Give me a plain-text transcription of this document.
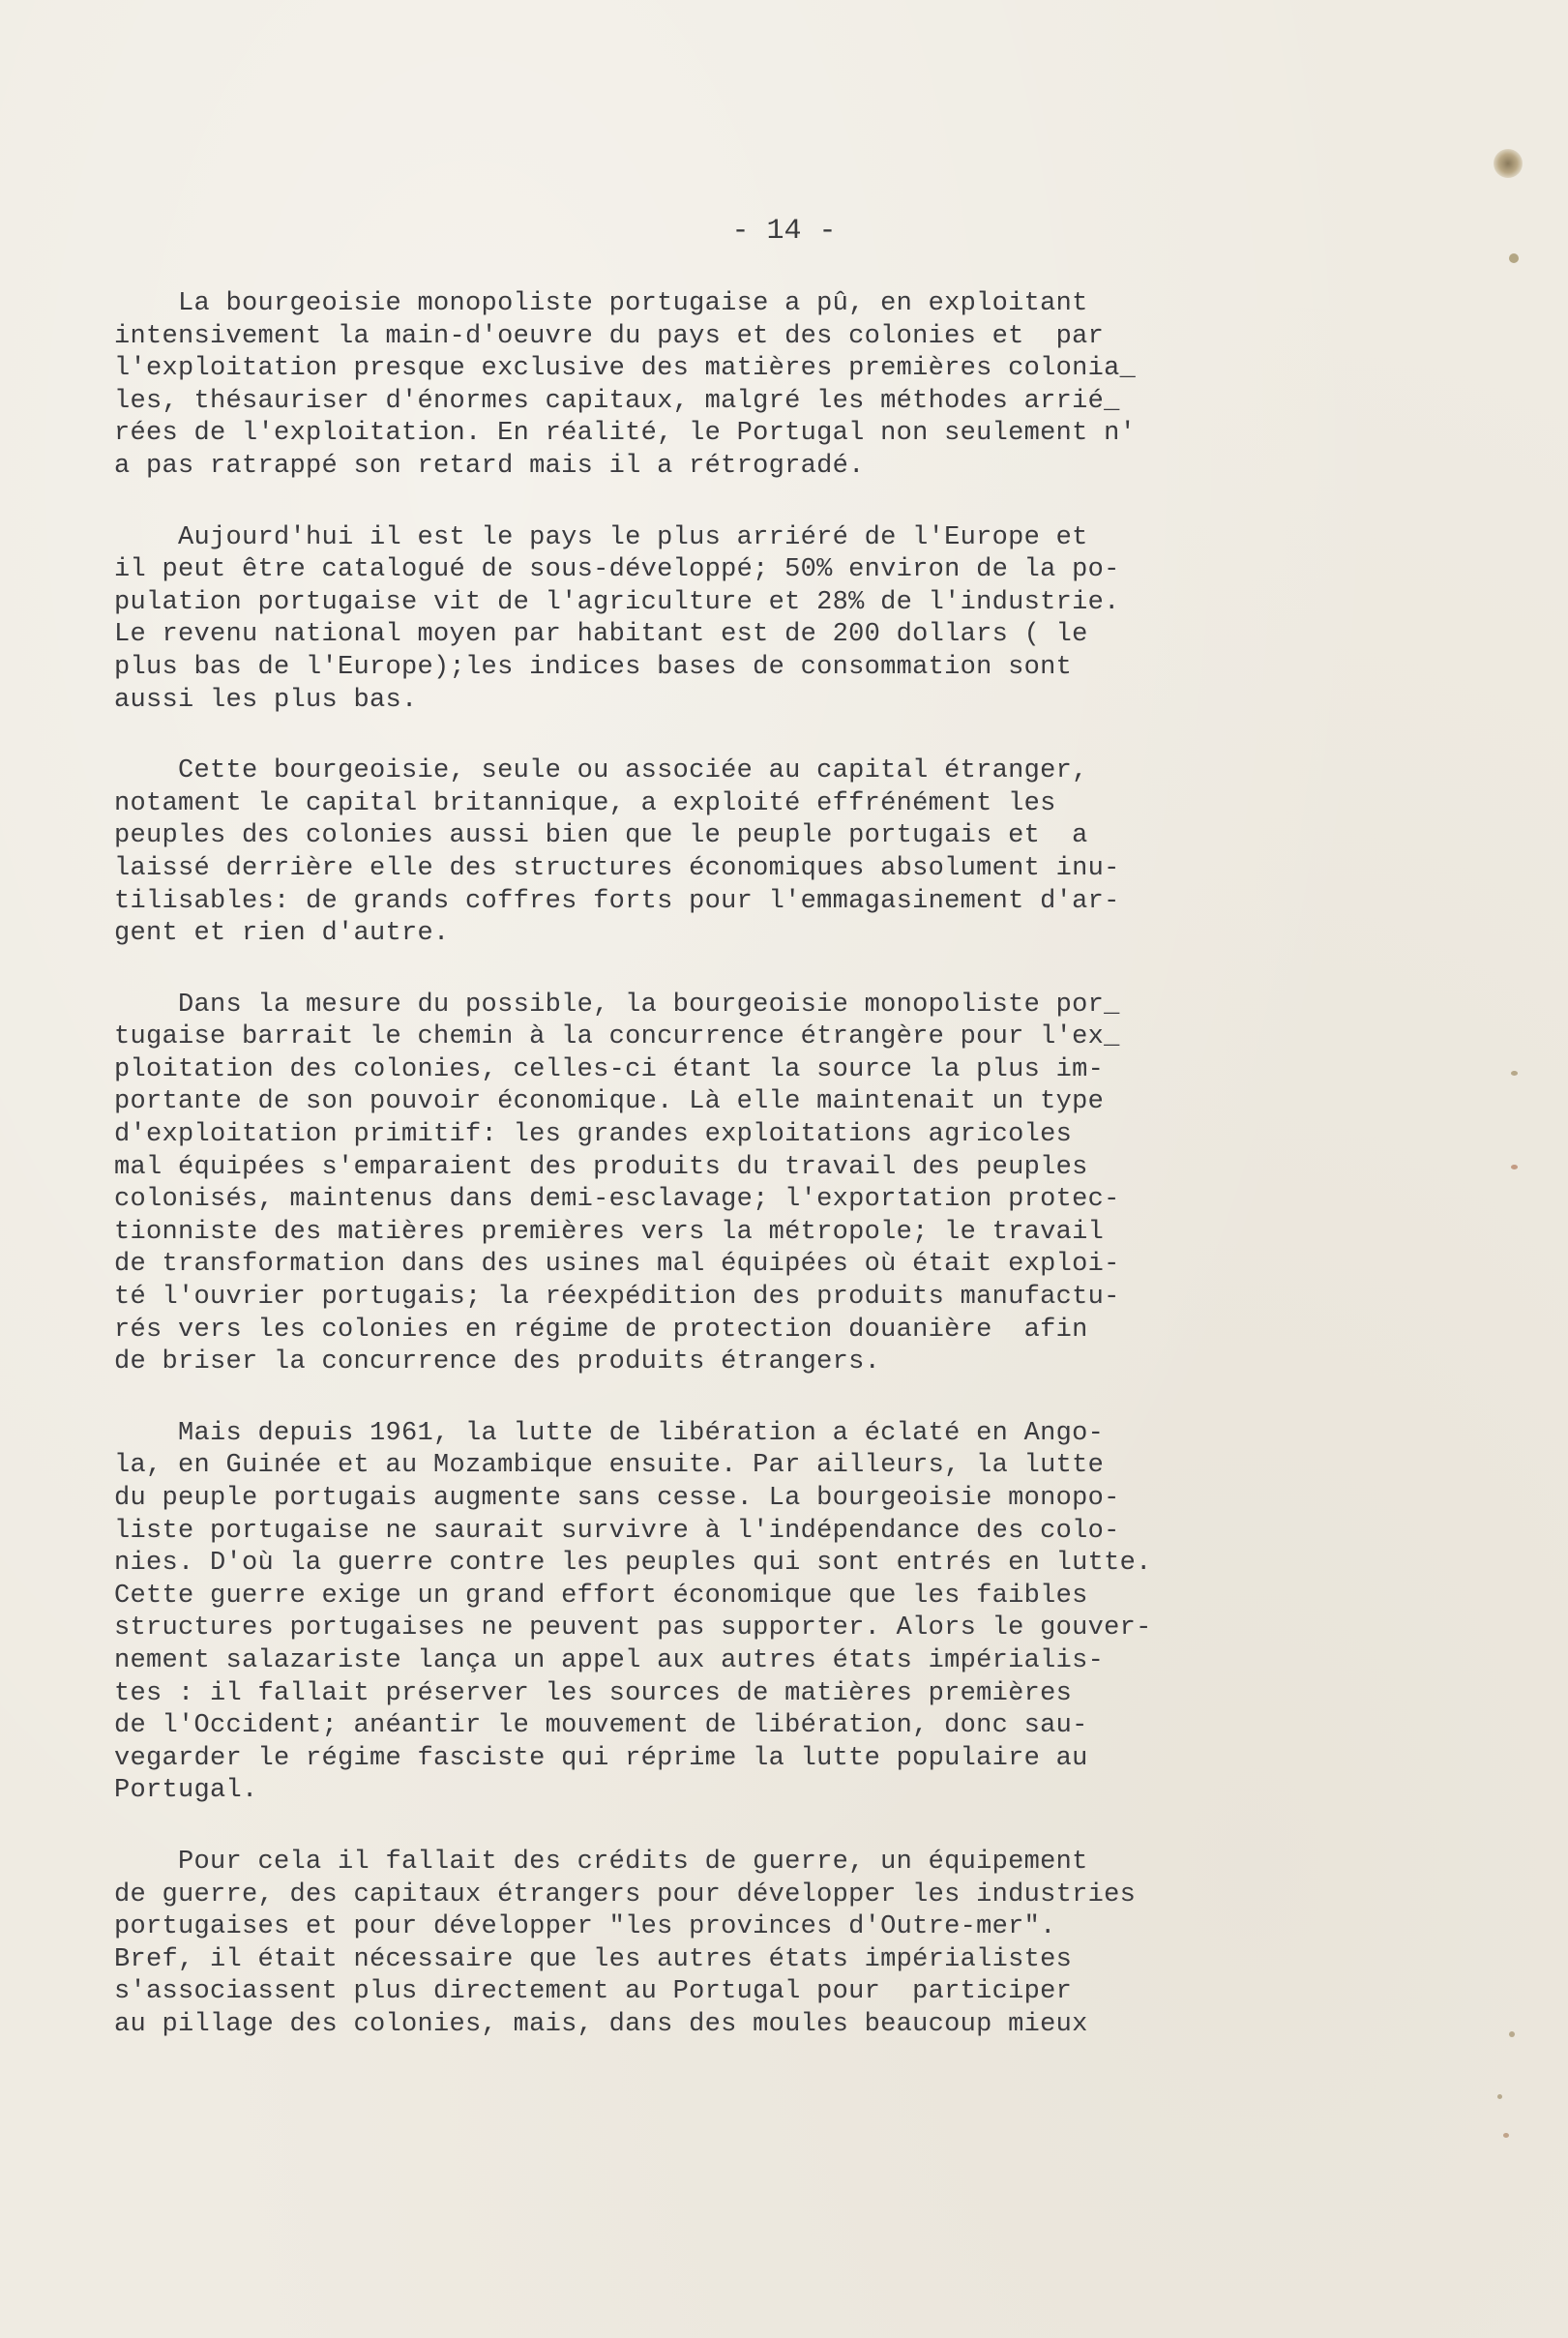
- 14 -
La bourgeoisie monopoliste portugaise a pû, en exploitant
intensivement la main-d'oeuvre du pays et des colonies et  par
l'exploitation presque exclusive des matières premières colonia_
les, thésauriser d'énormes capitaux, malgré les méthodes arrié_
rées de l'exploitation. En réalité, le Portugal non seulement n'
a pas ratrappé son retard mais il a rétrogradé.
Aujourd'hui il est le pays le plus arriéré de l'Europe et
il peut être catalogué de sous-développé; 50% environ de la po-
pulation portugaise vit de l'agriculture et 28% de l'industrie.
Le revenu national moyen par habitant est de 200 dollars ( le
plus bas de l'Europe);les indices bases de consommation sont
aussi les plus bas.
Cette bourgeoisie, seule ou associée au capital étranger,
notament le capital britannique, a exploité effrénément les
peuples des colonies aussi bien que le peuple portugais et  a
laissé derrière elle des structures économiques absolument inu-
tilisables: de grands coffres forts pour l'emmagasinement d'ar-
gent et rien d'autre.
Dans la mesure du possible, la bourgeoisie monopoliste por_
tugaise barrait le chemin à la concurrence étrangère pour l'ex_
ploitation des colonies, celles-ci étant la source la plus im-
portante de son pouvoir économique. Là elle maintenait un type
d'exploitation primitif: les grandes exploitations agricoles
mal équipées s'emparaient des produits du travail des peuples
colonisés, maintenus dans demi-esclavage; l'exportation protec-
tionniste des matières premières vers la métropole; le travail
de transformation dans des usines mal équipées où était exploi-
té l'ouvrier portugais; la réexpédition des produits manufactu-
rés vers les colonies en régime de protection douanière  afin
de briser la concurrence des produits étrangers.
Mais depuis 1961, la lutte de libération a éclaté en Ango-
la, en Guinée et au Mozambique ensuite. Par ailleurs, la lutte
du peuple portugais augmente sans cesse. La bourgeoisie monopo-
liste portugaise ne saurait survivre à l'indépendance des colo-
nies. D'où la guerre contre les peuples qui sont entrés en lutte.
Cette guerre exige un grand effort économique que les faibles
structures portugaises ne peuvent pas supporter. Alors le gouver-
nement salazariste lança un appel aux autres états impérialis-
tes : il fallait préserver les sources de matières premières
de l'Occident; anéantir le mouvement de libération, donc sau-
vegarder le régime fasciste qui réprime la lutte populaire au
Portugal.
Pour cela il fallait des crédits de guerre, un équipement
de guerre, des capitaux étrangers pour développer les industries
portugaises et pour développer "les provinces d'Outre-mer".
Bref, il était nécessaire que les autres états impérialistes
s'associassent plus directement au Portugal pour  participer
au pillage des colonies, mais, dans des moules beaucoup mieux
